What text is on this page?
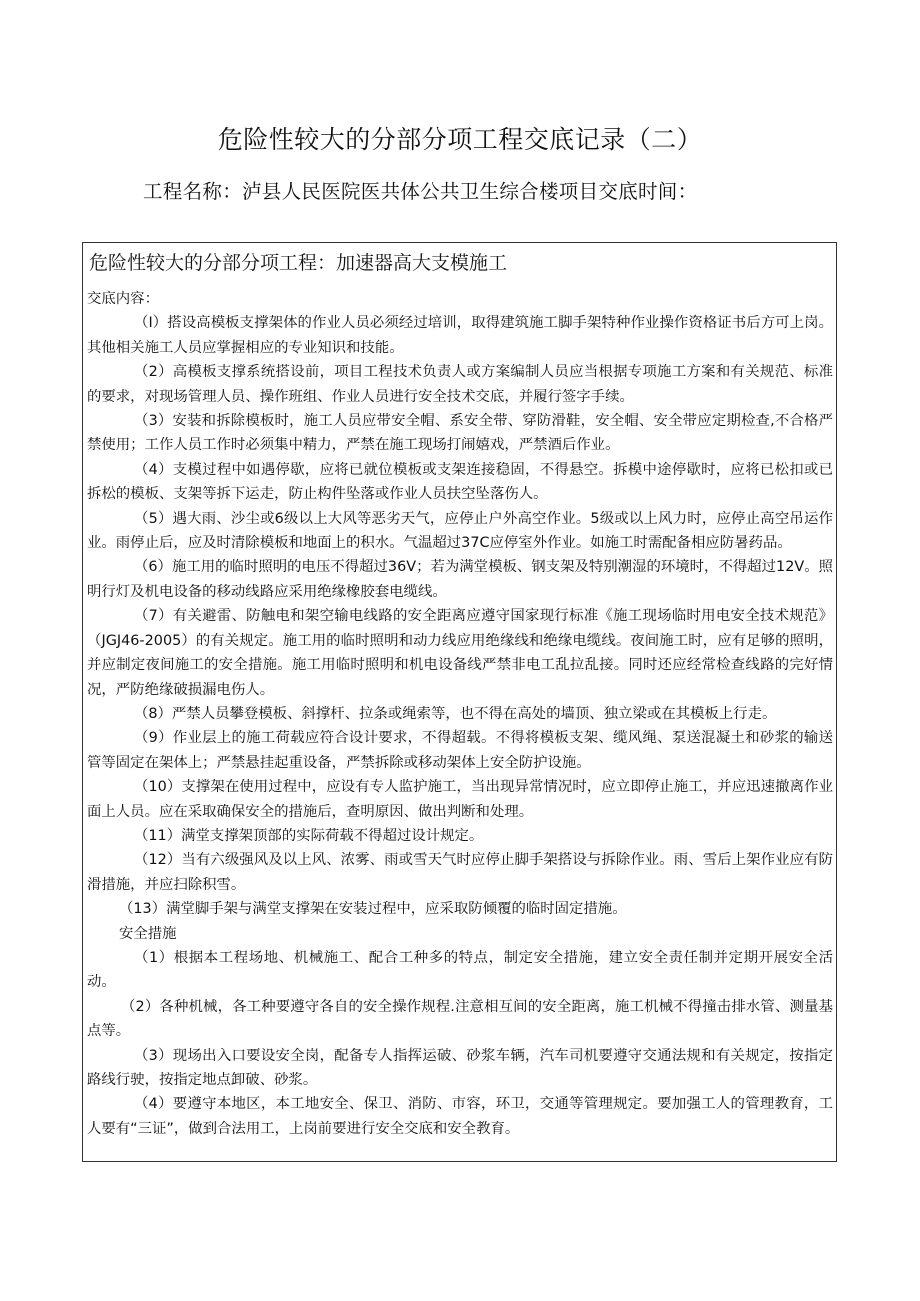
危险性较大的分部分项工程交底记录（二）
工程名称：泸县人民医院医共体公共卫生综合楼项目交底时间：
危险性较大的分部分项工程：加速器高大支模施工

交底内容：

（I）搭设高模板支撑架体的作业人员必须经过培训，取得建筑施工脚手架特种作业操作资格证书后方可上岗。其他相关施工人员应掌握相应的专业知识和技能。

（2）高模板支撑系统搭设前，项目工程技术负责人或方案编制人员应当根据专项施工方案和有关规范、标准的要求，对现场管理人员、操作班组、作业人员进行安全技术交底，并履行签字手续。

（3）安装和拆除模板时，施工人员应带安全帽、系安全带、穿防滑鞋，安全帽、安全带应定期检查,不合格严禁使用；工作人员工作时必须集中精力，严禁在施工现场打闹嬉戏，严禁酒后作业。

（4）支模过程中如遇停歇，应将已就位模板或支架连接稳固，不得悬空。拆模中途停歇时，应将已松扣或已拆松的模板、支架等拆下运走，防止构件坠落或作业人员扶空坠落伤人。

（5）遇大雨、沙尘或6级以上大风等恶劣天气，应停止户外高空作业。5级或以上风力时，应停止高空吊运作业。雨停止后，应及时清除模板和地面上的积水。气温超过37C应停室外作业。如施工时需配备相应防暑药品。

（6）施工用的临时照明的电压不得超过36V；若为满堂模板、钢支架及特别潮湿的环境时，不得超过12V。照明行灯及机电设备的移动线路应采用绝缘橡胶套电缆线。

（7）有关避雷、防触电和架空输电线路的安全距离应遵守国家现行标准《施工现场临时用电安全技术规范》（JGJ46-2005）的有关规定。施工用的临时照明和动力线应用绝缘线和绝缘电缆线。夜间施工时，应有足够的照明，并应制定夜间施工的安全措施。施工用临时照明和机电设备线严禁非电工乱拉乱接。同时还应经常检查线路的完好情况，严防绝缘破损漏电伤人。

（8）严禁人员攀登模板、斜撑杆、拉条或绳索等，也不得在高处的墙顶、独立梁或在其模板上行走。

（9）作业层上的施工荷载应符合设计要求，不得超载。不得将模板支架、缆风绳、泵送混凝土和砂浆的输送管等固定在架体上；严禁悬挂起重设备，严禁拆除或移动架体上安全防护设施。

（10）支撑架在使用过程中，应设有专人监护施工，当出现异常情况时，应立即停止施工，并应迅速撤离作业面上人员。应在采取确保安全的措施后，查明原因、做出判断和处理。

（11）满堂支撑架顶部的实际荷载不得超过设计规定。

（12）当有六级强风及以上风、浓雾、雨或雪天气时应停止脚手架搭设与拆除作业。雨、雪后上架作业应有防滑措施，并应扫除积雪。

（13）满堂脚手架与满堂支撑架在安装过程中，应采取防倾覆的临时固定措施。

安全措施

（1）根据本工程场地、机械施工、配合工种多的特点，制定安全措施，建立安全责任制并定期开展安全活动。

（2）各种机械，各工种要遵守各自的安全操作规程.注意相互间的安全距离，施工机械不得撞击排水管、测量基点等。

（3）现场出入口要设安全岗，配备专人指挥运破、砂浆车辆，汽车司机要遵守交通法规和有关规定，按指定路线行驶，按指定地点卸破、砂浆。

（4）要遵守本地区，本工地安全、保卫、消防、市容，环卫，交通等管理规定。要加强工人的管理教育，工人要有“三证”，做到合法用工，上岗前要进行安全交底和安全教育。
